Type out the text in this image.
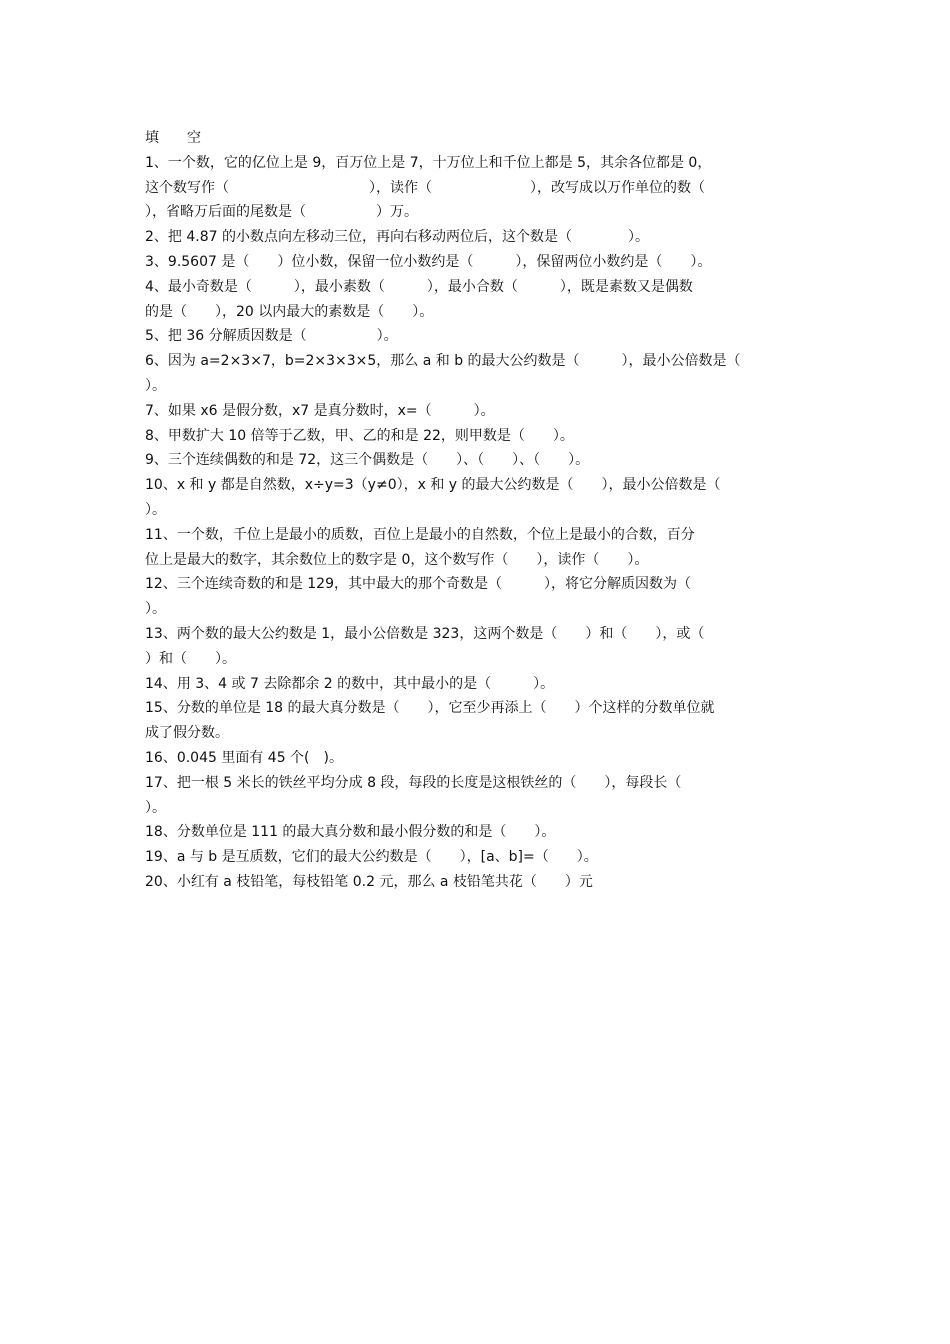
填　　空
1、一个数，它的亿位上是 9，百万位上是 7，十万位上和千位上都是 5，其余各位都是 0，
这个数写作（　　　　　　　　　　），读作（　　　　　　　），改写成以万作单位的数（
），省略万后面的尾数是（　　　　　）万。
2、把 4.87 的小数点向左移动三位，再向右移动两位后，这个数是（　　　　）。
3、9.5607 是（　　）位小数，保留一位小数约是（　　　），保留两位小数约是（　　）。
4、最小奇数是（　　　），最小素数（　　　），最小合数（　　　），既是素数又是偶数
的是（　　），20 以内最大的素数是（　　）。
5、把 36 分解质因数是（　　　　　）。
6、因为 a=2×3×7，b=2×3×3×5，那么 a 和 b 的最大公约数是（　　　），最小公倍数是（
）。
7、如果 x6 是假分数，x7 是真分数时，x=（　　　）。
8、甲数扩大 10 倍等于乙数，甲、乙的和是 22，则甲数是（　　）。
9、三个连续偶数的和是 72，这三个偶数是（　　）、（　　）、（　　）。
10、x 和 y 都是自然数，x÷y=3（y≠0），x 和 y 的最大公约数是（　　），最小公倍数是（
）。
11、一个数，千位上是最小的质数，百位上是最小的自然数，个位上是最小的合数，百分
位上是最大的数字，其余数位上的数字是 0，这个数写作（　　），读作（　　）。
12、三个连续奇数的和是 129，其中最大的那个奇数是（　　　），将它分解质因数为（
）。
13、两个数的最大公约数是 1，最小公倍数是 323，这两个数是（　　）和（　　），或（
）和（　　）。
14、用 3、4 或 7 去除都余 2 的数中，其中最小的是（　　　）。
15、分数的单位是 18 的最大真分数是（　　），它至少再添上（　　）个这样的分数单位就
成了假分数。
16、0.045 里面有 45 个(　)。
17、把一根 5 米长的铁丝平均分成 8 段，每段的长度是这根铁丝的（　　），每段长（
）。
18、分数单位是 111 的最大真分数和最小假分数的和是（　　）。
19、a 与 b 是互质数，它们的最大公约数是（　　），[a、b]=（　　）。
20、小红有 a 枝铅笔，每枝铅笔 0.2 元，那么 a 枝铅笔共花（　　）元
